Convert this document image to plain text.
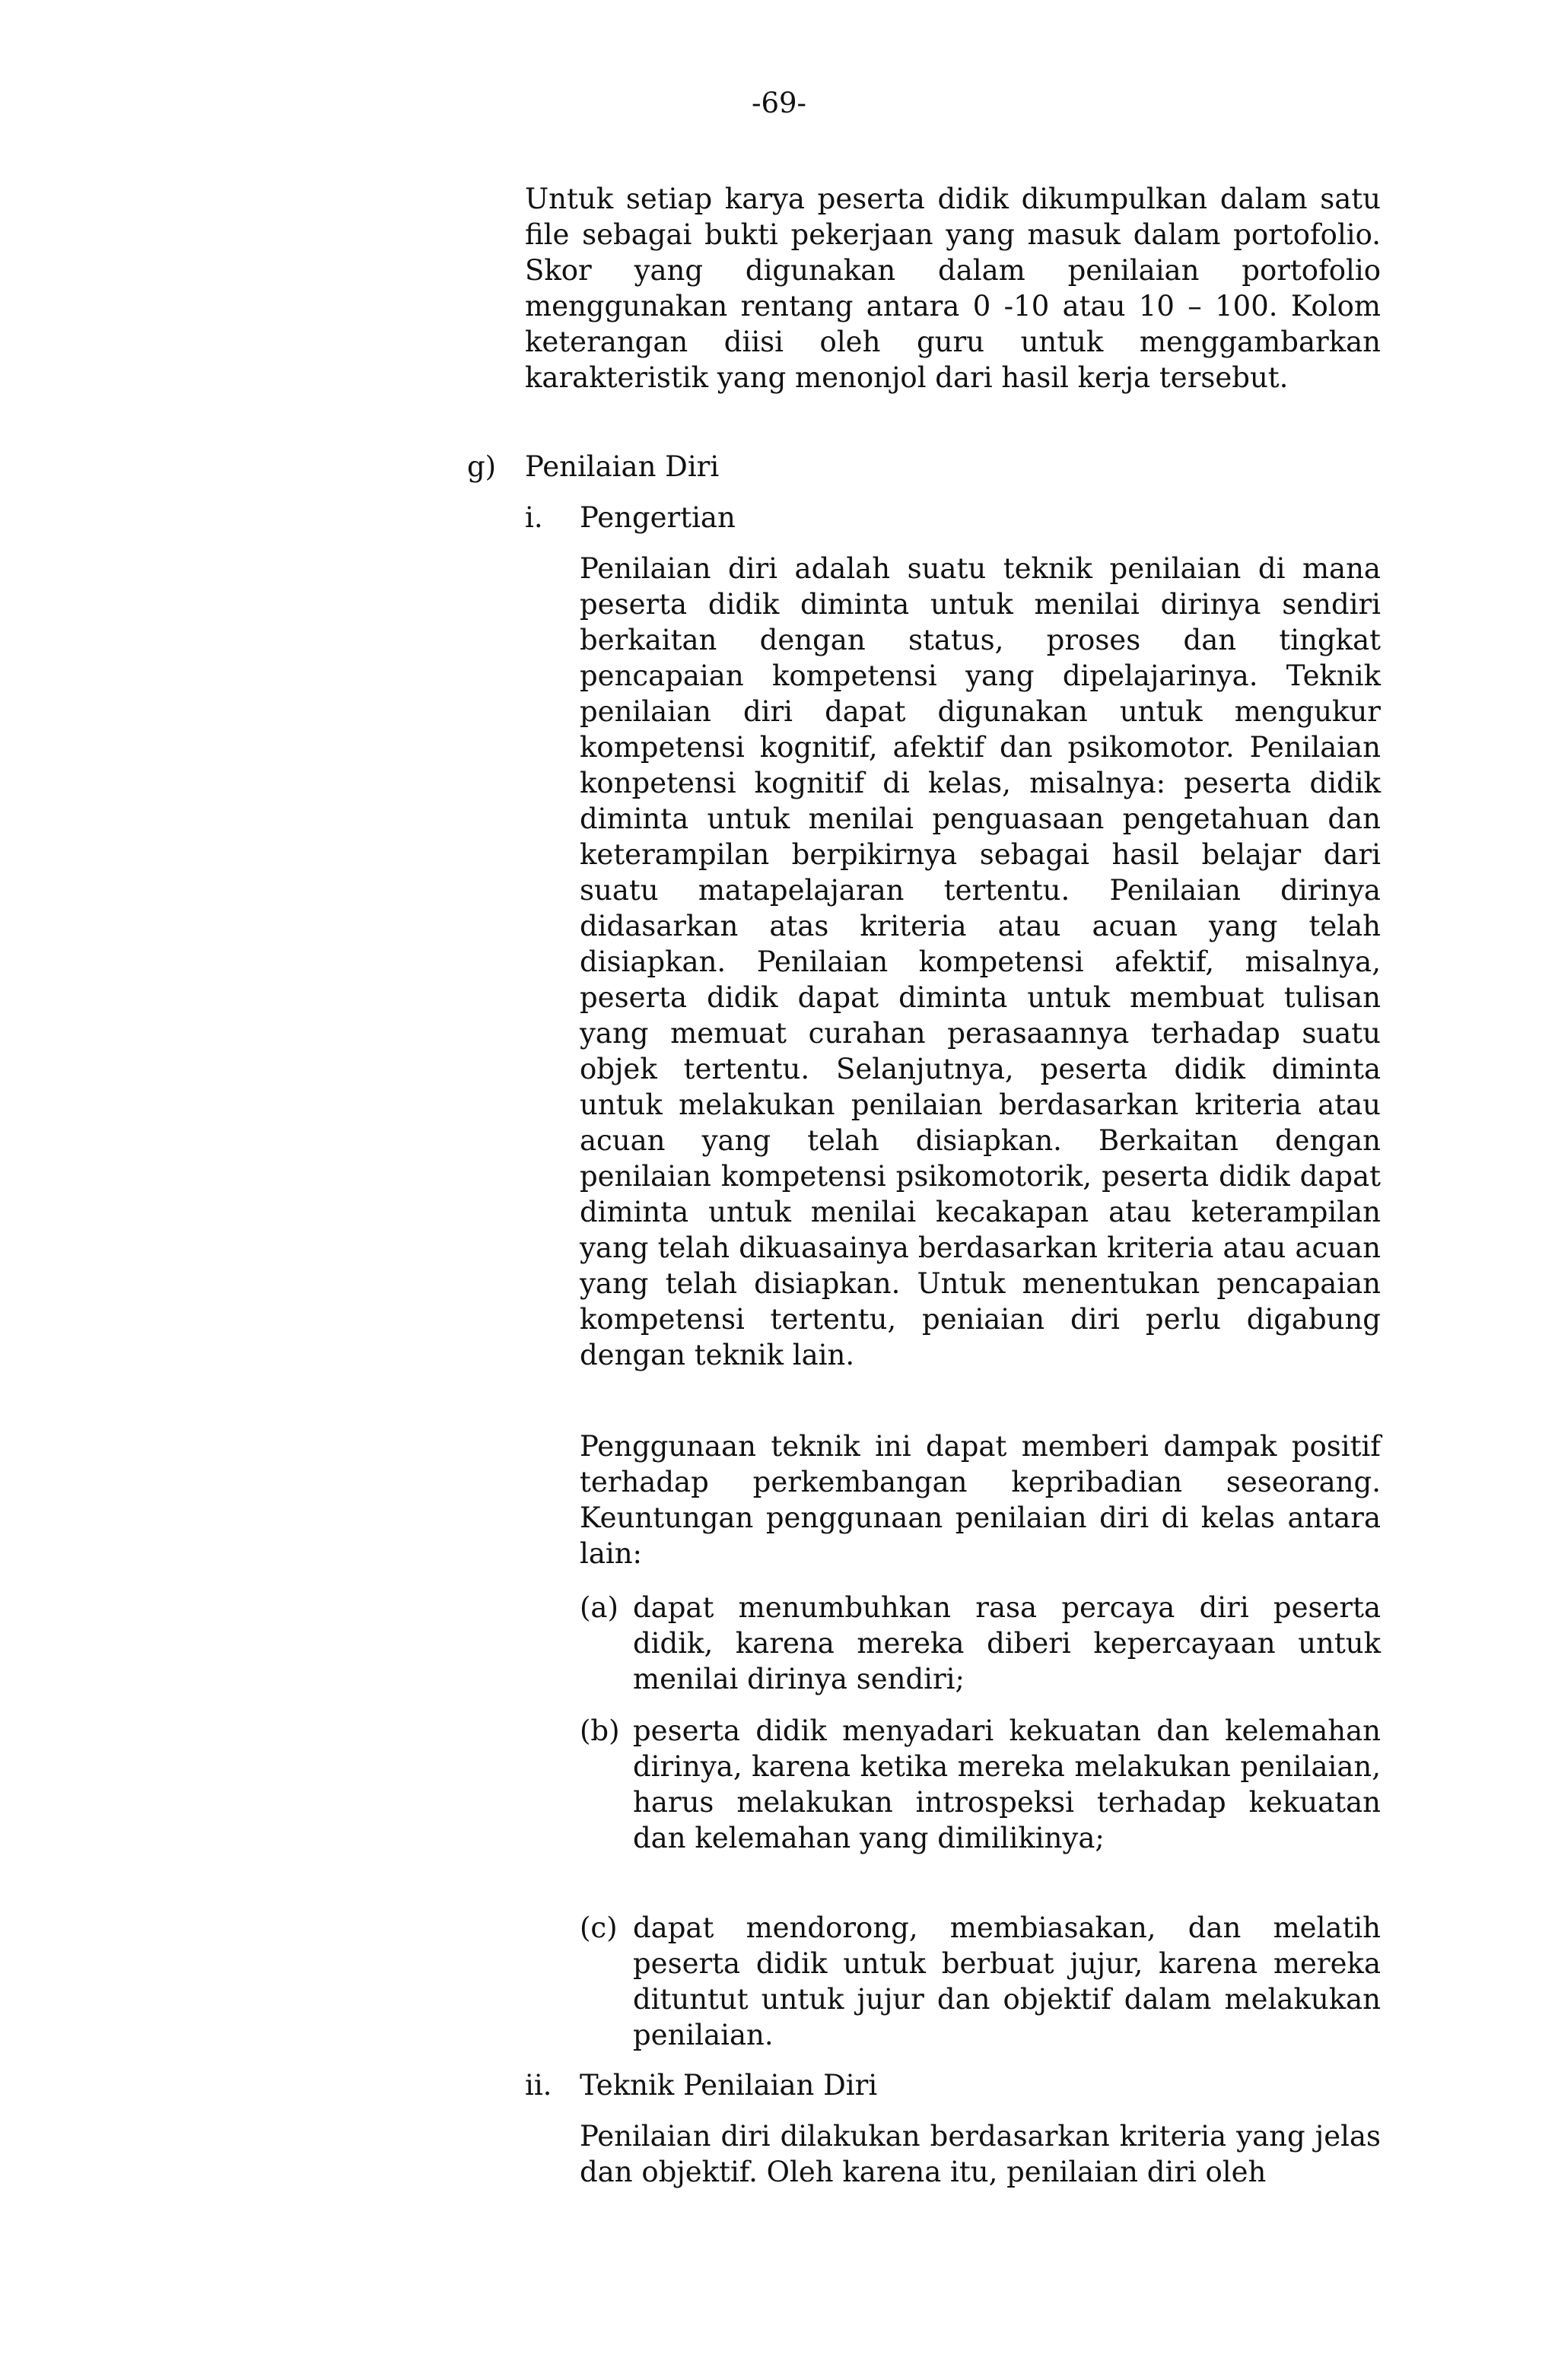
-69-

Untuk setiap karya peserta didik dikumpulkan dalam satu file sebagai bukti pekerjaan yang masuk dalam portofolio. Skor yang digunakan dalam penilaian portofolio menggunakan rentang antara 0 -10 atau 10 – 100. Kolom keterangan diisi oleh guru untuk menggambarkan karakteristik yang menonjol dari hasil kerja tersebut.

g) Penilaian Diri
i. Pengertian

Penilaian diri adalah suatu teknik penilaian di mana peserta didik diminta untuk menilai dirinya sendiri berkaitan dengan status, proses dan tingkat pencapaian kompetensi yang dipelajarinya. Teknik penilaian diri dapat digunakan untuk mengukur kompetensi kognitif, afektif dan psikomotor. Penilaian konpetensi kognitif di kelas, misalnya: peserta didik diminta untuk menilai penguasaan pengetahuan dan keterampilan berpikirnya sebagai hasil belajar dari suatu matapelajaran tertentu. Penilaian dirinya didasarkan atas kriteria atau acuan yang telah disiapkan. Penilaian kompetensi afektif, misalnya, peserta didik dapat diminta untuk membuat tulisan yang memuat curahan perasaannya terhadap suatu objek tertentu. Selanjutnya, peserta didik diminta untuk melakukan penilaian berdasarkan kriteria atau acuan yang telah disiapkan. Berkaitan dengan penilaian kompetensi psikomotorik, peserta didik dapat diminta untuk menilai kecakapan atau keterampilan yang telah dikuasainya berdasarkan kriteria atau acuan yang telah disiapkan. Untuk menentukan pencapaian kompetensi tertentu, peniaian diri perlu digabung dengan teknik lain.

Penggunaan teknik ini dapat memberi dampak positif terhadap perkembangan kepribadian seseorang. Keuntungan penggunaan penilaian diri di kelas antara lain:

(a) dapat menumbuhkan rasa percaya diri peserta didik, karena mereka diberi kepercayaan untuk menilai dirinya sendiri;

(b) peserta didik menyadari kekuatan dan kelemahan dirinya, karena ketika mereka melakukan penilaian, harus melakukan introspeksi terhadap kekuatan dan kelemahan yang dimilikinya;

(c) dapat mendorong, membiasakan, dan melatih peserta didik untuk berbuat jujur, karena mereka dituntut untuk jujur dan objektif dalam melakukan penilaian.

ii. Teknik Penilaian Diri

Penilaian diri dilakukan berdasarkan kriteria yang jelas dan objektif. Oleh karena itu, penilaian diri oleh
